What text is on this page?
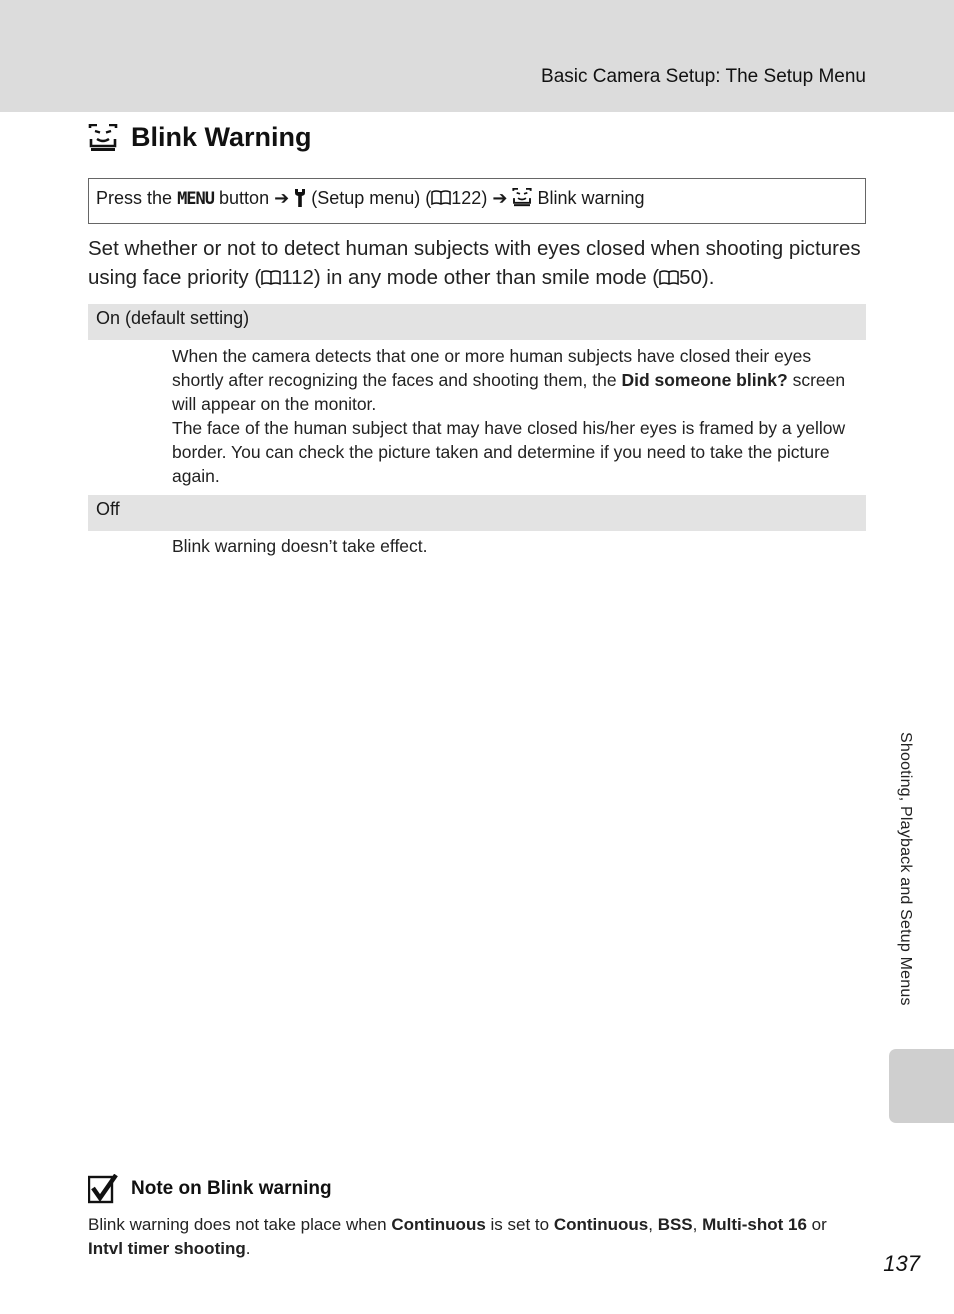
Basic Camera Setup: The Setup Menu
Blink Warning
Press the MENU button ➔ (Setup menu) ( 122) ➔ Blink warning

Set whether or not to detect human subjects with eyes closed when shooting pictures using face priority ( 112) in any mode other than smile mode ( 50).

On (default setting)

When the camera detects that one or more human subjects have closed their eyes shortly after recognizing the faces and shooting them, the Did someone blink? screen will appear on the monitor.
The face of the human subject that may have closed his/her eyes is framed by a yellow border. You can check the picture taken and determine if you need to take the picture again.

Off

Blink warning doesn’t take effect.

Shooting, Playback and Setup Menus
Note on Blink warning

Blink warning does not take place when Continuous is set to Continuous, BSS, Multi-shot 16 or
Intvl timer shooting.

137
